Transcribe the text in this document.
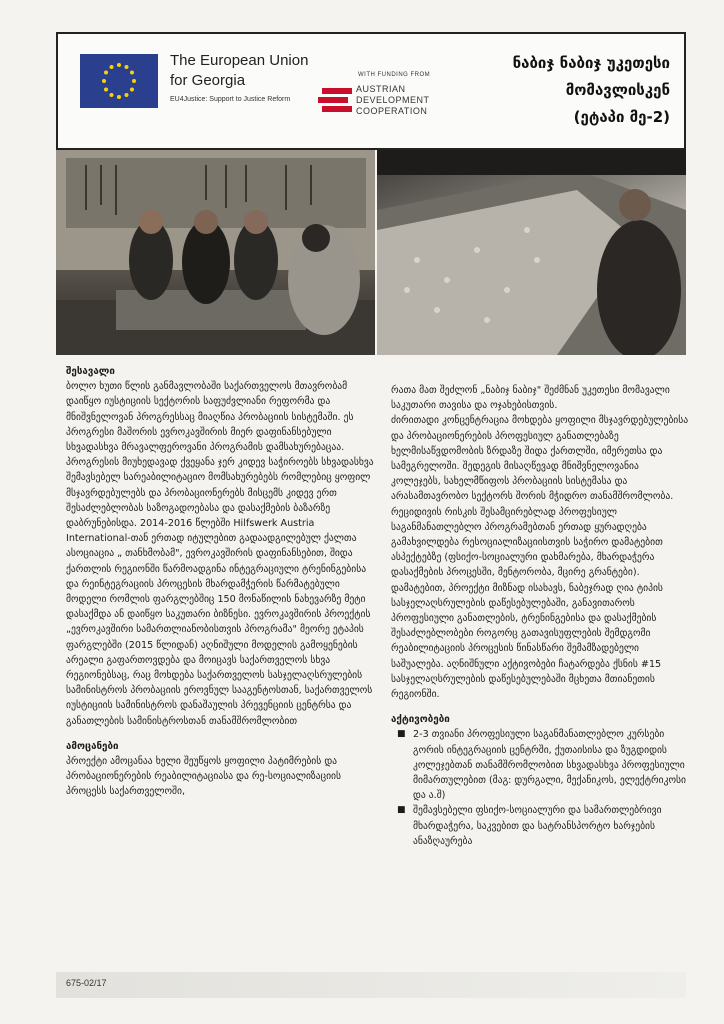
The European Union
for Georgia
EU4Justice: Support to Justice Reform
WITH FUNDING FROM
AUSTRIAN
DEVELOPMENT
COOPERATION
ნაბიჯ ნაბიჯ უკეთესი
მომავლისკენ
(ეტაპი მე-2)

შესავალი

ბოლო ხუთი წლის განმავლობაში საქართველოს მთავრობამ დაიწყო იუსტიციის სექტორის საფუძვლიანი რეფორმა და მნიშვნელოვან პროგრესსაც მიაღწია პრობაციის სისტემაში. ეს პროგრესი მაშორის ევროკავშირის მიერ დაფინანსებული სხვადასხვა მრავალფეროვანი პროგრამის დამსახურებაცაა. პროგრესის მიუხედავად ქვეყანა ჯერ კიდევ საჭიროებს სხვადასხვა შემავსებელ სარეაბილიტაციო მომსახურებებს რომლებიც ყოფილ მსჯავრდებულებს და პრობაციონერებს მისცემს კიდევ ერთ შესაძლებლობას საზოგადოებასა და დასაქმების ბაზარზე დაბრუნებისდა. 2014-2016 წლებში Hilfswerk Austria International-თან ერთად იტულებით გადაადგილებულ ქალთა ასოციაცია „ თანხმობამ", ევროკავშირის დაფინანსებით, შიდა ქართლის რეგიონში წარმოადგინა ინტეგრაციული ტრენინგებისა და რეინტეგრაციის პროცესის მხარდამჭერის წარმატებული მოდელი რომლის ფარგლებშიც 150 მონაწილის ნახევარზე მეტი დასაქმდა ან დაიწყო საკუთარი ბიზნესი. ევროკავშირის პროექტის „ევროკავშირი სამართლიანობისთვის პროგრამა" მეორე ეტაპის ფარგლებში (2015 წლიდან) აღნიშული მოდელის გამოყენების არეალი გაფართოვდება და მოიცავს საქართველოს სხვა რეგიონებსაც, რაც მოხდება საქართველოს სასჯელაღსრულების სამინისტროს პრობაციის ეროვნულ სააგენტოსთან, საქართველოს იუსტიციის სამინისტროს დანაშაულის პრევენციის ცენტრსა და განათლების სამინისტროსთან თანამშრომლობით

ამოცანები

პროექტი ამოცანაა ხელი შეუწყოს ყოფილი პატიმრების და პრობაციონერების რეაბილიტაციასა და რე-სოციალიზაციის პროცესს საქართველოში,

რათა მათ შეძლონ „ნაბიჯ ნაბიჯ" შეძმნან უკეთესი მომავალი საკუთარი თავისა და ოჯახებისთვის.

ძირითადი კონცენტრაცია მოხდება ყოფილი მსჯავრდებულებისა და პრობაციონერების პროფესიულ განათლებაზე ხელმისაწვდომობის ზრდაზე შიდა ქართლში, იმერეთსა და სამეგრელოში. შედეგის მისაღწევად მნიშვნელოვანია კოლეჯებს, სახელმწიფოს პრობაციის სისტემასა და არასამთავრობო სექტორს შორის მჭიდრო თანამშრომლობა.

რეციდივის რისკის შესამცირებლად პროფესიულ საგანმანათლებლო პროგრამებთან ერთად ყურადღება გამახვილდება რესოციალიზაციისთვის საჭირო დამატებით ასპექტებზე (ფსიქო-სოციალური დახმარება, მხარდაჭერა დასაქმების პროცესში, მენტორობა, მცირე გრანტები).

დამატებით, პროექტი მიზნად ისახავს, ნაბეჯრად ღია ტიპის სასჯელაღსრულების დაწესებულებაში, განავითაროს პროფესიული განათლების, ტრენინგებისა და დასაქმების შესაძლებლობები როგორც გათავისუფლების შემდგომი რეაბილიტაციის პროცესის წინასწარი შემამზადებელი საშუალება. აღნიშნული აქტივობები ჩატარდება ქსნის #15 სასჯელაღსრულების დაწესებულებაში მცხეთა მთიანეთის რეგიონში.

აქტივობები

■ 2-3 თვიანი პროფესიული საგანმანათლებლო კურსები გორის ინტეგრაციის ცენტრში, ქუთაისისა და ზუგდიდის კოლეჯებთან თანამშრომლობით სხვადასხვა პროფესიული მიმართულებით (მაგ: დურგალი, მექანიკოს, ელექტრიკოსი და ა.შ)
■ შემავსებელი ფსიქო-სოციალური და სამართლებრივი მხარდაჭერა, საკვებით და სატრანსპორტო ხარჯების ანაზღაურება
675-02/17
